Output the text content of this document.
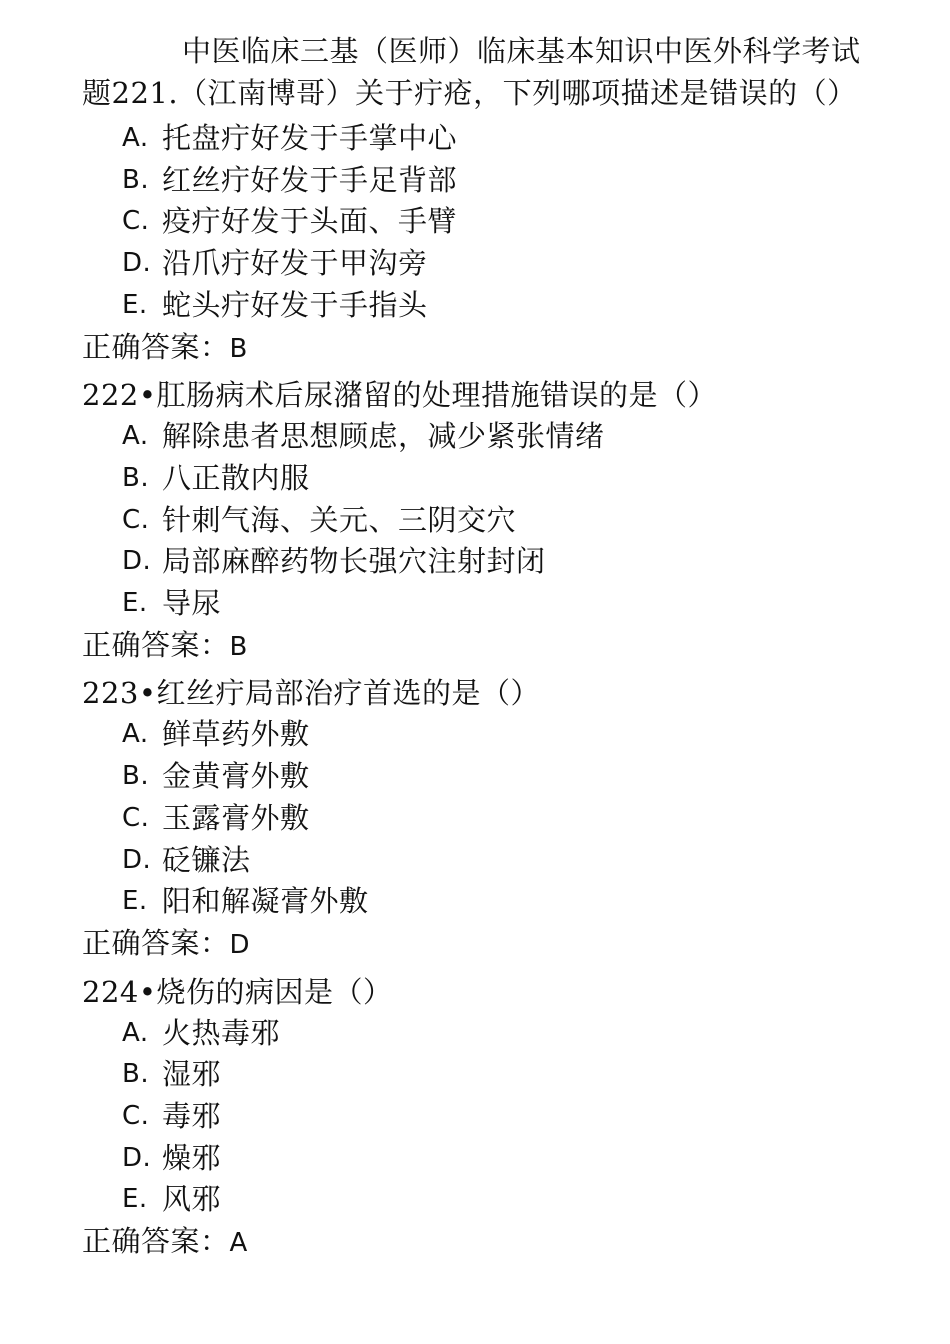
中医临床三基（医师）临床基本知识中医外科学考试题221.（江南博哥）关于疔疮，下列哪项描述是错误的（）

A. 托盘疔好发于手掌中心
B. 红丝疔好发于手足背部
C. 疫疔好发于头面、手臂
D. 沿爪疔好发于甲沟旁
E. 蛇头疔好发于手指头

正确答案：B

222•肛肠病术后尿潴留的处理措施错误的是（）

A. 解除患者思想顾虑，减少紧张情绪
B. 八正散内服
C. 针刺气海、关元、三阴交穴
D. 局部麻醉药物长强穴注射封闭
E. 导尿

正确答案：B

223•红丝疔局部治疗首选的是（）

A. 鲜草药外敷
B. 金黄膏外敷
C. 玉露膏外敷
D. 砭镰法
E. 阳和解凝膏外敷

正确答案：D

224•烧伤的病因是（）

A. 火热毒邪
B. 湿邪
C. 毒邪
D. 燥邪
E. 风邪

正确答案：A
